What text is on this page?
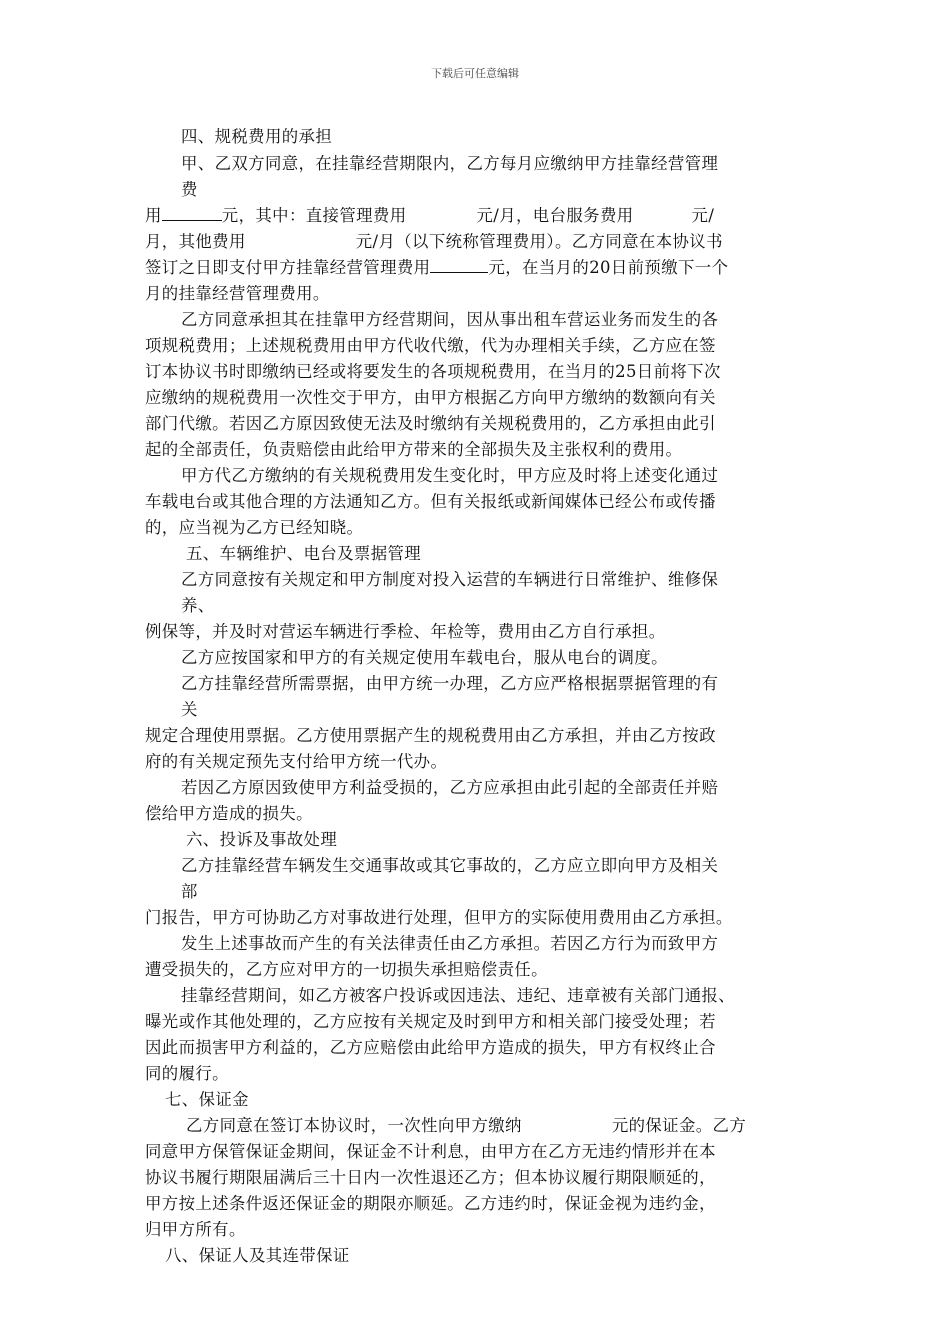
下载后可任意编辑
四、规税费用的承担
甲、乙双方同意，在挂靠经营期限内，乙方每月应缴纳甲方挂靠经营管理
费
用	元，其中：直接管理费用	元/月，电台服务费用	元/
月，其他费用	元/月（以下统称管理费用）。乙方同意在本协议书
签订之日即支付甲方挂靠经营管理费用	元，在当月的20日前预缴下一个
月的挂靠经营管理费用。
乙方同意承担其在挂靠甲方经营期间，因从事出租车营运业务而发生的各
项规税费用；上述规税费用由甲方代收代缴，代为办理相关手续，乙方应在签
订本协议书时即缴纳已经或将要发生的各项规税费用，在当月的25日前将下次
应缴纳的规税费用一次性交于甲方，由甲方根据乙方向甲方缴纳的数额向有关
部门代缴。若因乙方原因致使无法及时缴纳有关规税费用的，乙方承担由此引
起的全部责任，负责赔偿由此给甲方带来的全部损失及主张权利的费用。
甲方代乙方缴纳的有关规税费用发生变化时，甲方应及时将上述变化通过
车载电台或其他合理的方法通知乙方。但有关报纸或新闻媒体已经公布或传播
的，应当视为乙方已经知晓。
五、车辆维护、电台及票据管理
乙方同意按有关规定和甲方制度对投入运营的车辆进行日常维护、维修保
养、
例保等，并及时对营运车辆进行季检、年检等，费用由乙方自行承担。
乙方应按国家和甲方的有关规定使用车载电台，服从电台的调度。
乙方挂靠经营所需票据，由甲方统一办理，乙方应严格根据票据管理的有
关
规定合理使用票据。乙方使用票据产生的规税费用由乙方承担，并由乙方按政
府的有关规定预先支付给甲方统一代办。
若因乙方原因致使甲方利益受损的，乙方应承担由此引起的全部责任并赔
偿给甲方造成的损失。
六、投诉及事故处理
乙方挂靠经营车辆发生交通事故或其它事故的，乙方应立即向甲方及相关
部
门报告，甲方可协助乙方对事故进行处理，但甲方的实际使用费用由乙方承担。
发生上述事故而产生的有关法律责任由乙方承担。若因乙方行为而致甲方
遭受损失的，乙方应对甲方的一切损失承担赔偿责任。
挂靠经营期间，如乙方被客户投诉或因违法、违纪、违章被有关部门通报、
曝光或作其他处理的，乙方应按有关规定及时到甲方和相关部门接受处理；若
因此而损害甲方利益的，乙方应赔偿由此给甲方造成的损失，甲方有权终止合
同的履行。
七、保证金
乙方同意在签订本协议时，一次性向甲方缴纳	元的保证金。乙方
同意甲方保管保证金期间，保证金不计利息，由甲方在乙方无违约情形并在本
协议书履行期限届满后三十日内一次性退还乙方；但本协议履行期限顺延的，
甲方按上述条件返还保证金的期限亦顺延。乙方违约时，保证金视为违约金，
归甲方所有。
八、保证人及其连带保证
